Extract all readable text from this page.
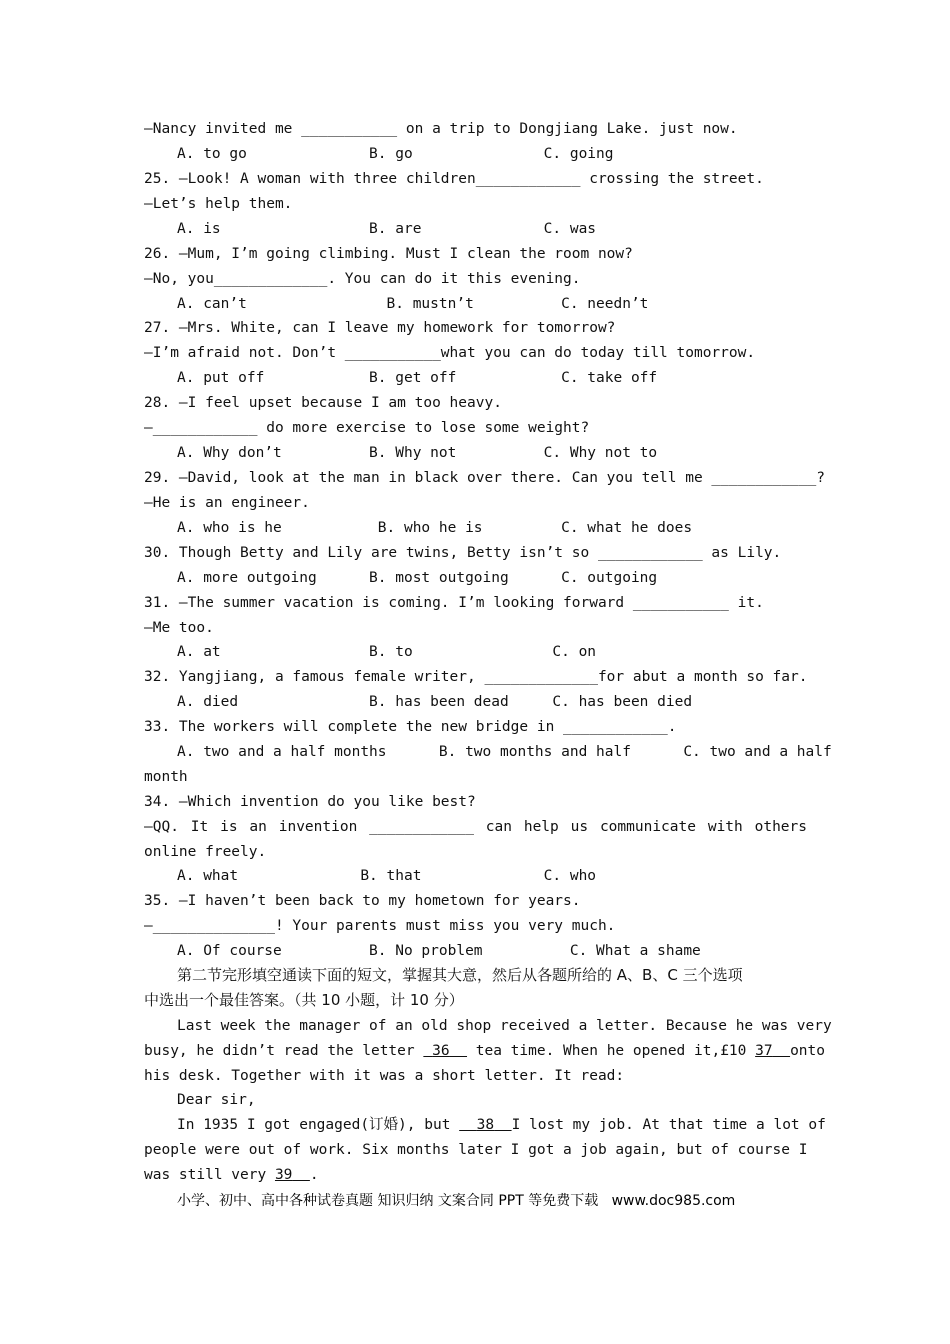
—Nancy invited me ___________ on a trip to Dongjiang Lake. just now.
A. to go              B. go               C. going
25. —Look! A woman with three children____________ crossing the street.
—Let’s help them.
A. is                 B. are              C. was
26. —Mum, I’m going climbing. Must I clean the room now?
—No, you_____________. You can do it this evening.
A. can’t                B. mustn’t          C. needn’t
27. —Mrs. White, can I leave my homework for tomorrow?
—I’m afraid not. Don’t ___________what you can do today till tomorrow.
A. put off            B. get off            C. take off
28. —I feel upset because I am too heavy.
—____________ do more exercise to lose some weight?
A. Why don’t          B. Why not          C. Why not to
29. —David, look at the man in black over there. Can you tell me ____________?
—He is an engineer.
A. who is he           B. who he is         C. what he does
30. Though Betty and Lily are twins, Betty isn’t so ____________ as Lily.
A. more outgoing      B. most outgoing      C. outgoing
31. —The summer vacation is coming. I’m looking forward ___________ it.
—Me too.
A. at                 B. to                C. on
32. Yangjiang, a famous female writer, _____________for abut a month so far.
A. died               B. has been dead     C. has been died
33. The workers will complete the new bridge in ____________.
A. two and a half months      B. two months and half      C. two and a half
month
34. —Which invention do you like best?
—QQ. It is an invention ____________ can help us communicate with others
online freely.
A. what              B. that              C. who
35. —I haven’t been back to my hometown for years.
—______________! Your parents must miss you very much.
A. Of course          B. No problem          C. What a shame
第二节完形填空通读下面的短文，掌握其大意，然后从各题所给的 A、B、C 三个选项
中选出一个最佳答案。（共 10 小题，计 10 分）
Last week the manager of an old shop received a letter. Because he was very
busy, he didn’t read the letter  36   tea time. When he opened it,£10 37 onto
his desk. Together with it was a short letter. It read:
Dear sir,
In 1935 I got engaged(订婚), but   38 I lost my job. At that time a lot of
people were out of work. Six months later I got a job again, but of course I
was still very 39 .
小学、初中、高中各种试卷真题 知识归纳 文案合同 PPT 等免费下载   www.doc985.com
